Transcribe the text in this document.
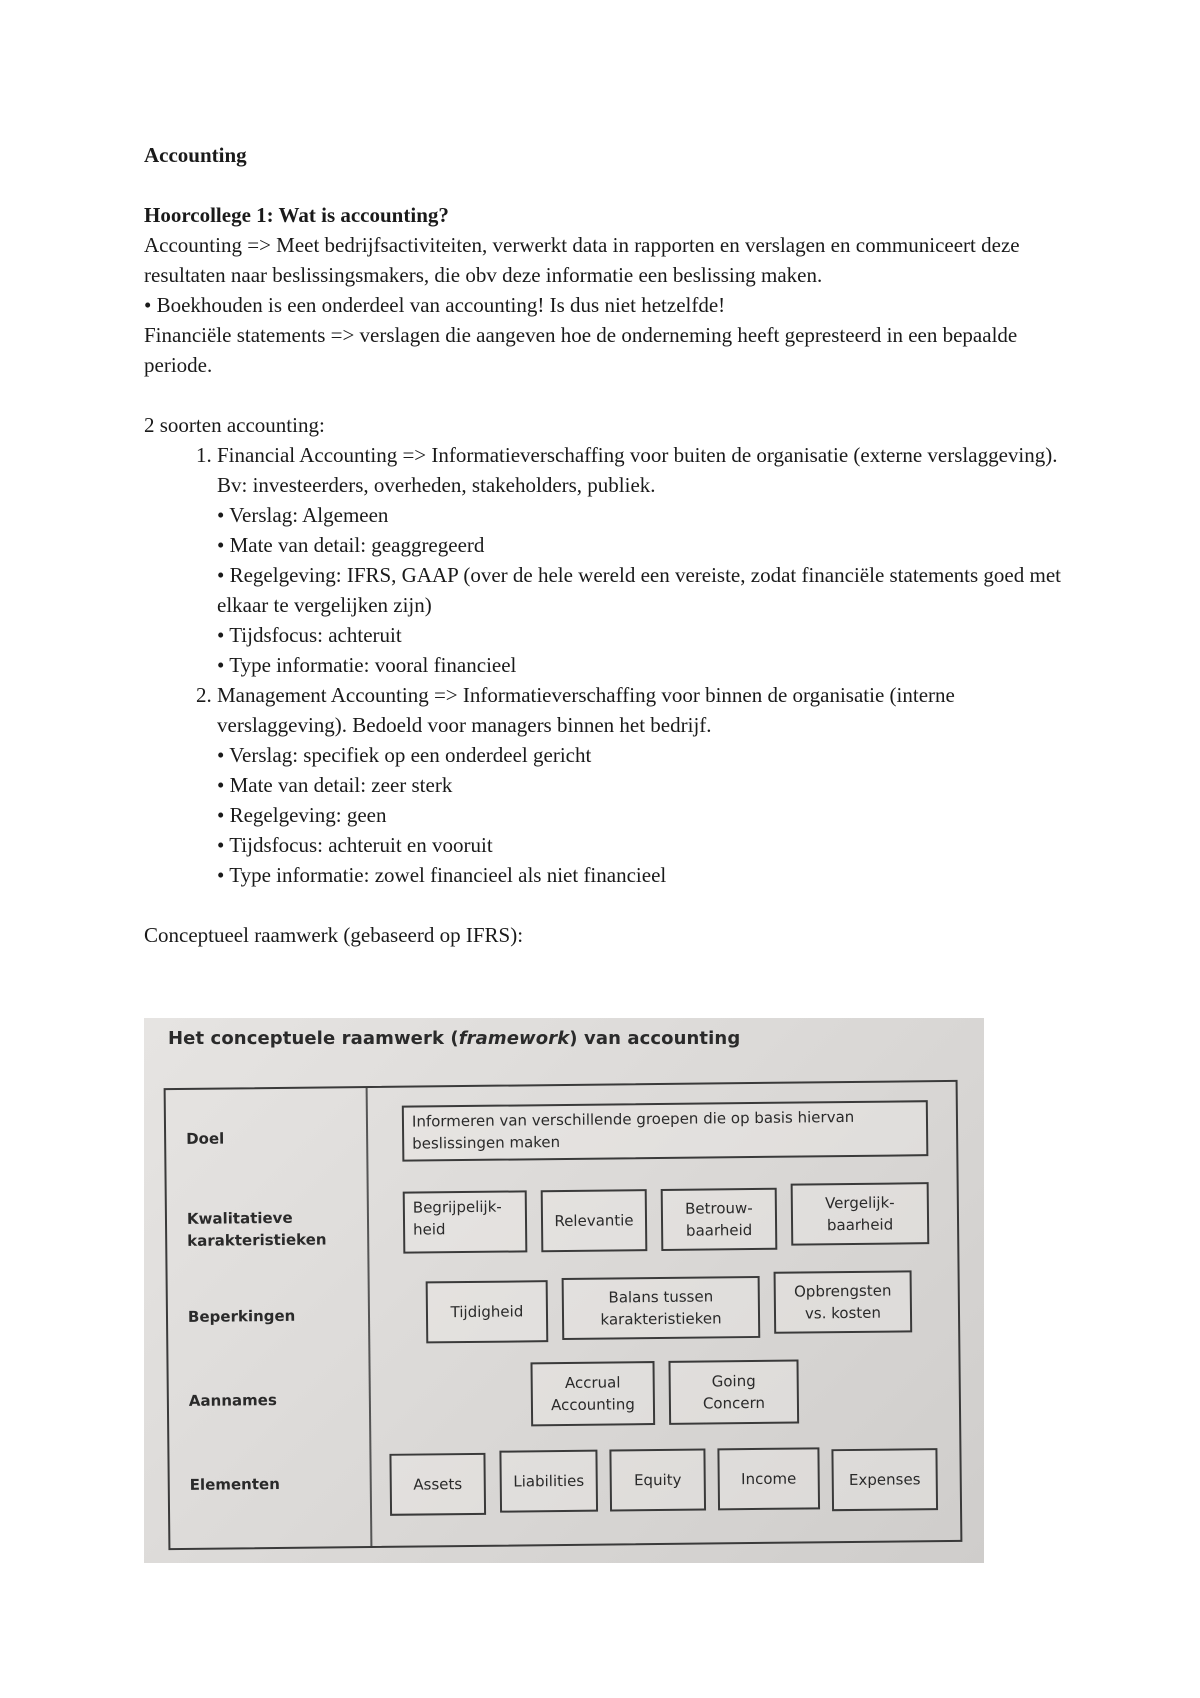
Accounting

Hoorcollege 1: Wat is accounting?

Accounting => Meet bedrijfsactiviteiten, verwerkt data in rapporten en verslagen en communiceert deze resultaten naar beslissingsmakers, die obv deze informatie een beslissing maken.

• Boekhouden is een onderdeel van accounting! Is dus niet hetzelfde!

Financiële statements => verslagen die aangeven hoe de onderneming heeft gepresteerd in een bepaalde periode.

2 soorten accounting:

1. Financial Accounting => Informatieverschaffing voor buiten de organisatie (externe verslaggeving). Bv: investeerders, overheden, stakeholders, publiek.
• Verslag: Algemeen
• Mate van detail: geaggregeerd
• Regelgeving: IFRS, GAAP (over de hele wereld een vereiste, zodat financiële statements goed met elkaar te vergelijken zijn)
• Tijdsfocus: achteruit
• Type informatie: vooral financieel
2. Management Accounting => Informatieverschaffing voor binnen de organisatie (interne verslaggeving). Bedoeld voor managers binnen het bedrijf.
• Verslag: specifiek op een onderdeel gericht
• Mate van detail: zeer sterk
• Regelgeving: geen
• Tijdsfocus: achteruit en vooruit
• Type informatie: zowel financieel als niet financieel

Conceptueel raamwerk (gebaseerd op IFRS):

Het conceptuele raamwerk (framework) van accounting
Doel
Kwalitatieve karakteristieken
Beperkingen
Aannames
Elementen
Informeren van verschillende groepen die op basis hiervan beslissingen maken
Begrijpelijk-heid	Relevantie
Betrouw-baarheid
Vergelijk-baarheid
Tijdigheid
Balans tussen karakteristieken
Opbrengsten vs. kosten
Accrual Accounting
Going Concern
Assets	Liabilities	Equity	Income	Expenses
